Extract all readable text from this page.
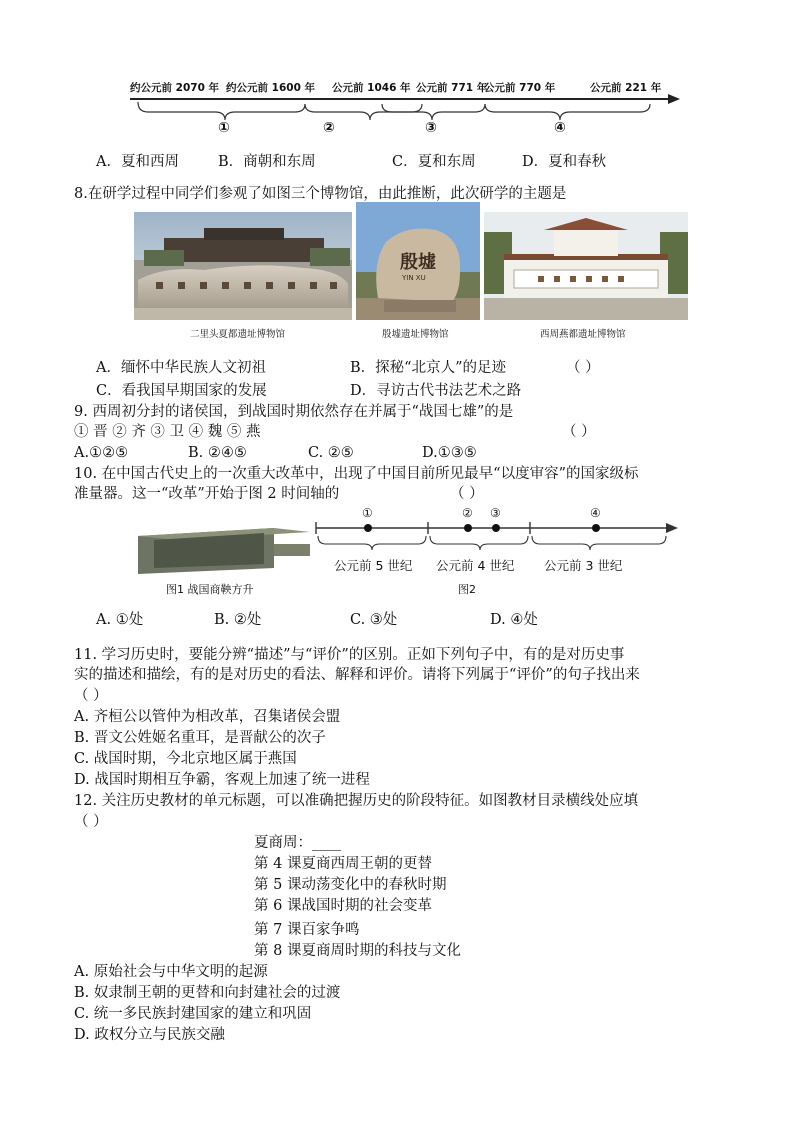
约公元前 2070 年 约公元前 1600 年 公元前 1046 年 公元前 771 年
公元前 770 年	公元前 221 年
①	②	③	④
A．夏和西周	B．商朝和东周	C．夏和东周	D．夏和春秋
8.在研学过程中同学们参观了如图三个博物馆，由此推断，此次研学的主题是
二里头夏都遗址博物馆
殷墟
YIN XU
殷墟遗址博物馆	西周燕都遗址博物馆
A．缅怀中华民族人文初祖	B．探秘“北京人”的足迹	（ ）
C．看我国早期国家的发展	D．寻访古代书法艺术之路
9. 西周初分封的诸侯国，到战国时期依然存在并属于“战国七雄”的是
① 晋 ② 齐 ③ 卫 ④ 魏 ⑤ 燕	（ ）
A.①②⑤	B. ②④⑤	C. ②⑤	D.①③⑤
10. 在中国古代史上的一次重大改革中，出现了中国目前所见最早“以度审容”的国家级标
准量器。这一“改革”开始于图 2 时间轴的	（ ）
图1 战国商鞅方升
①	② ③	④
公元前 5 世纪 公元前 4 世纪 公元前 3 世纪
图2
A. ①处	B. ②处	C. ③处	D. ④处
11. 学习历史时，要能分辨“描述”与“评价”的区别。正如下列句子中，有的是对历史事
实的描述和描绘，有的是对历史的看法、解释和评价。请将下列属于“评价”的句子找出来
（ ）
A. 齐桓公以管仲为相改革，召集诸侯会盟
B. 晋文公姓姬名重耳，是晋献公的次子
C. 战国时期，今北京地区属于燕国
D. 战国时期相互争霸，客观上加速了统一进程
12. 关注历史教材的单元标题，可以准确把握历史的阶段特征。如图教材目录横线处应填
（ ）
夏商周：____
第 4 课夏商西周王朝的更替
第 5 课动荡变化中的春秋时期
第 6 课战国时期的社会变革
第 7 课百家争鸣
第 8 课夏商周时期的科技与文化
A. 原始社会与中华文明的起源
B. 奴隶制王朝的更替和向封建社会的过渡
C. 统一多民族封建国家的建立和巩固
D. 政权分立与民族交融
